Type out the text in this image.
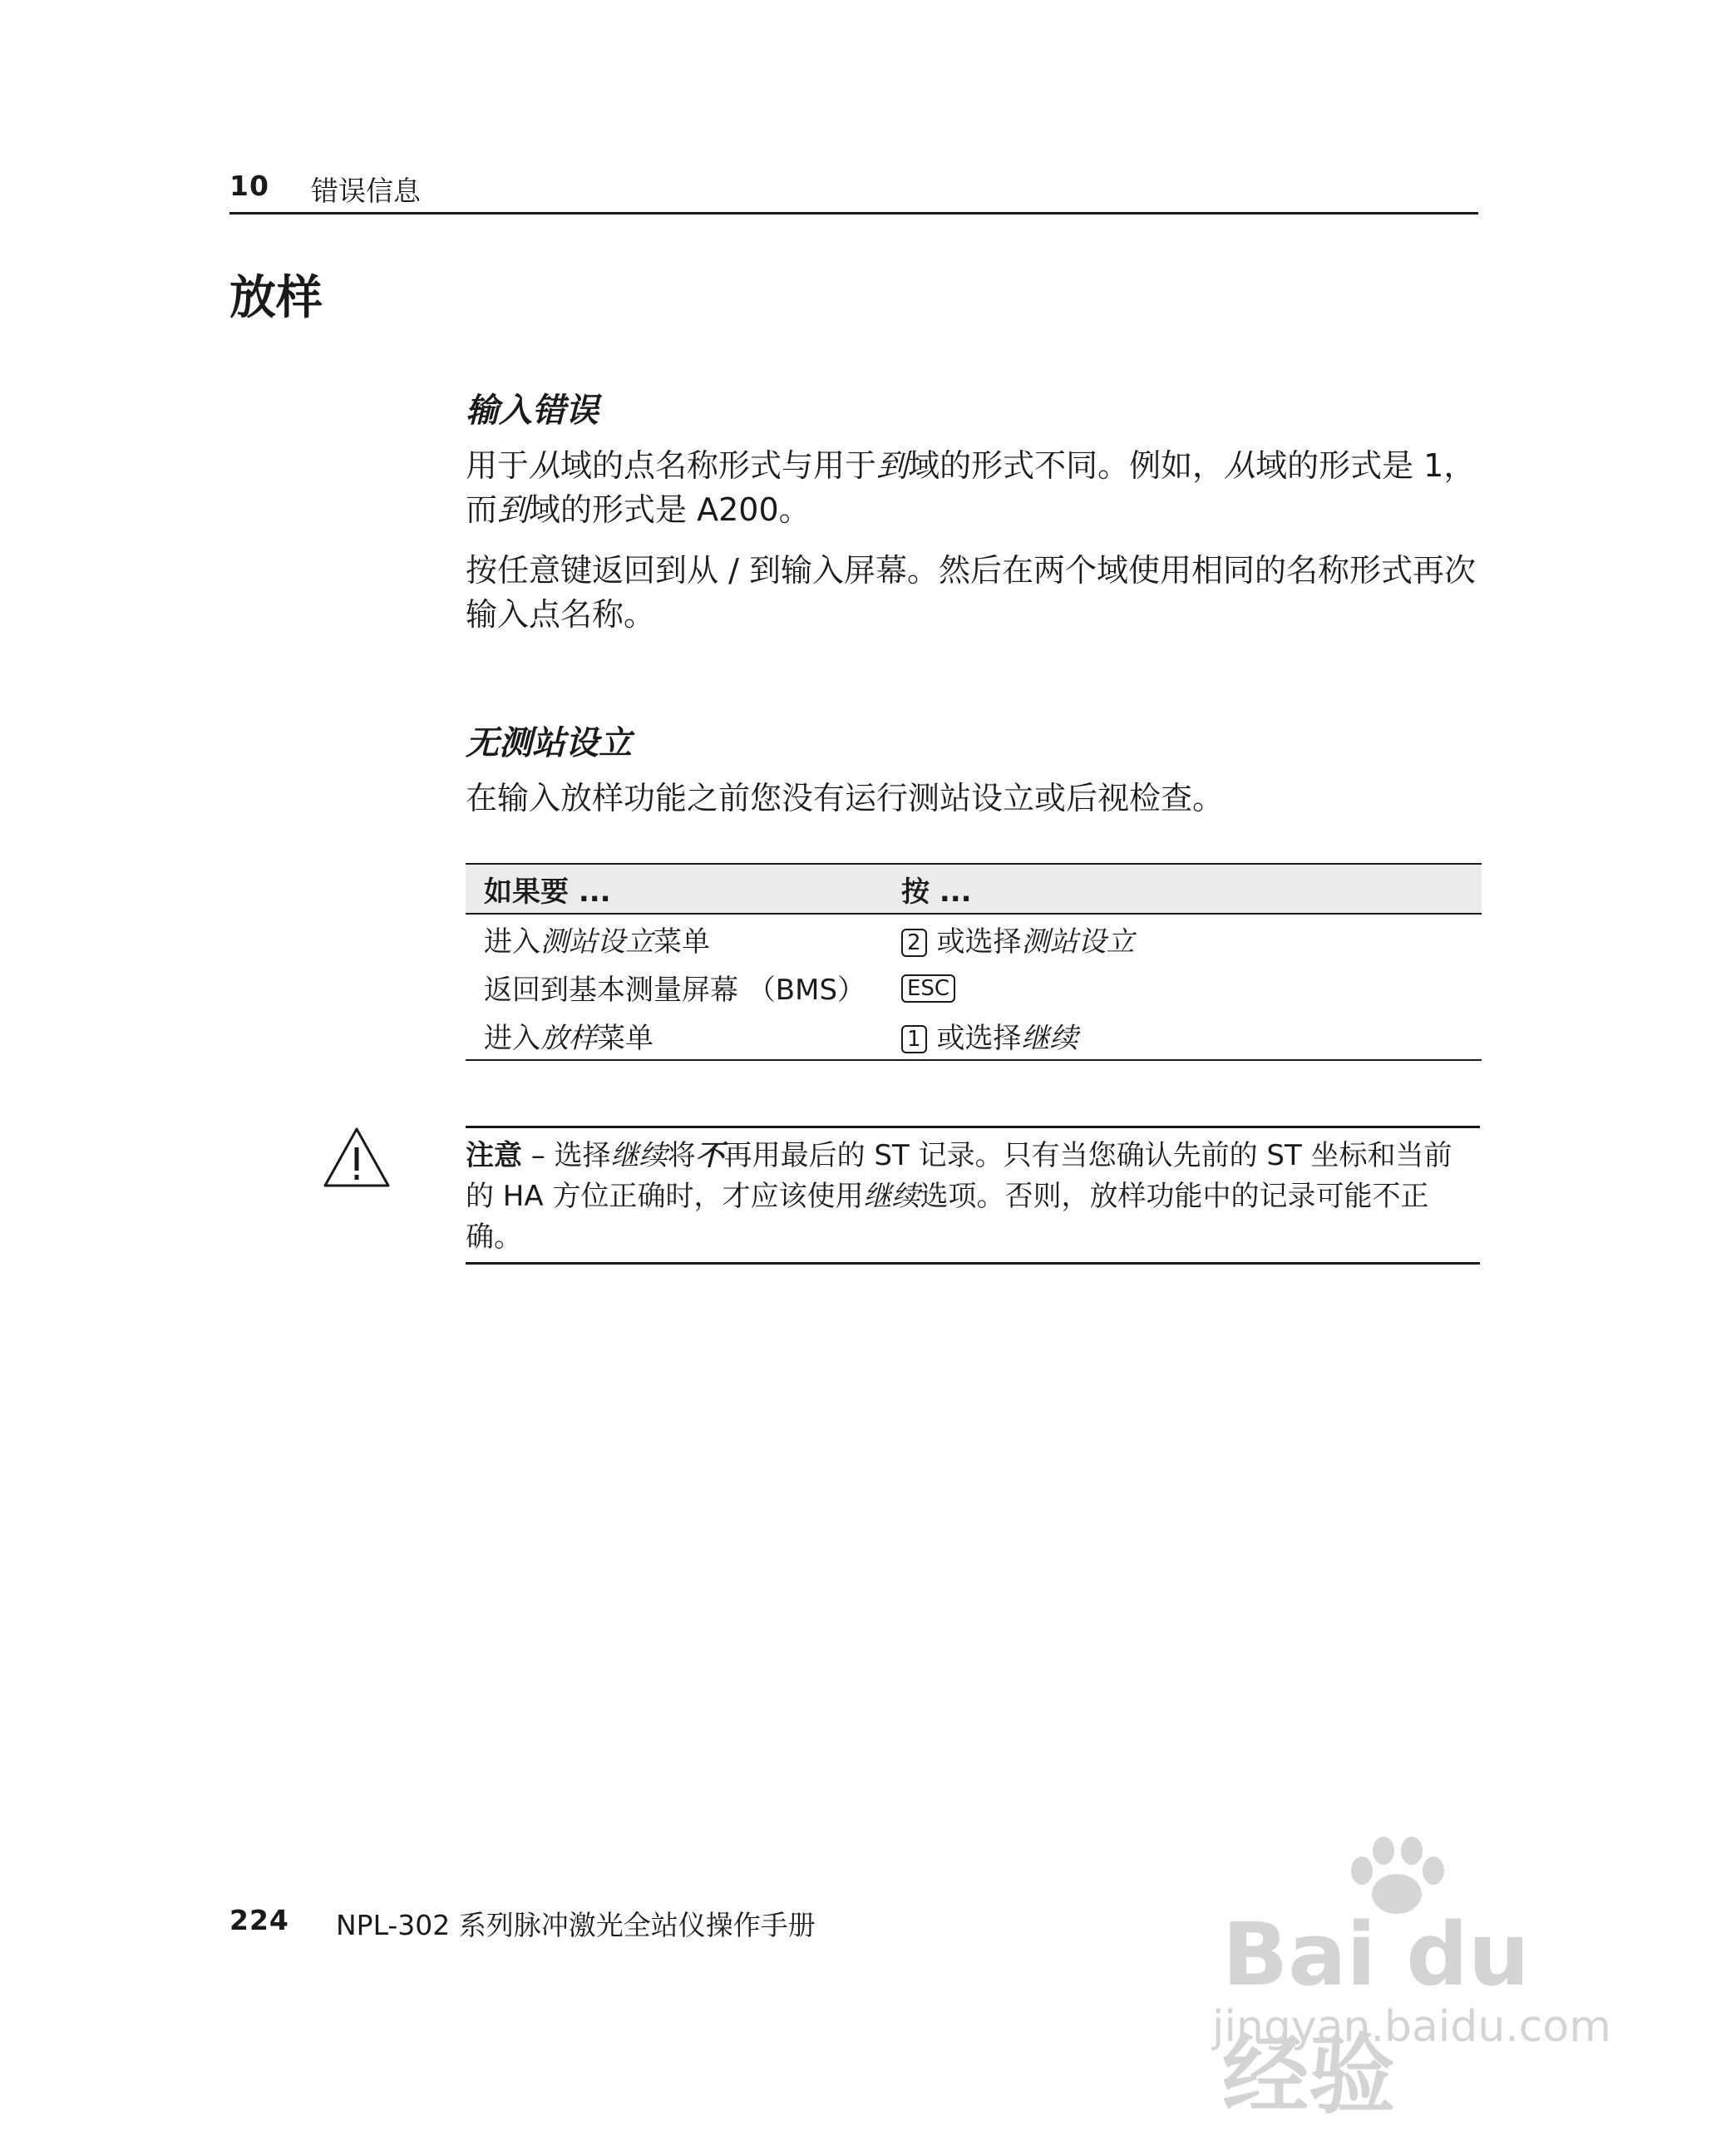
10 错误信息
放样
输入错误
用于从域的点名称形式与用于到域的形式不同。例如，从域的形式是 1，而到域的形式是 A200。
按任意键返回到从 / 到输入屏幕。然后在两个域使用相同的名称形式再次输入点名称。
无测站设立
在输入放样功能之前您没有运行测站设立或后视检查。
如果要 ...	按 ...
进入测站设立菜单	2 或选择测站设立
返回到基本测量屏幕 （BMS）	ESC
进入放样菜单	1 或选择继续
注意 – 选择继续将不再用最后的 ST 记录。只有当您确认先前的 ST 坐标和当前的 HA 方位正确时，才应该使用继续选项。否则，放样功能中的记录可能不正确。
224 NPL-302 系列脉冲激光全站仪操作手册	Bai du 经验
jingyan.baidu.com
